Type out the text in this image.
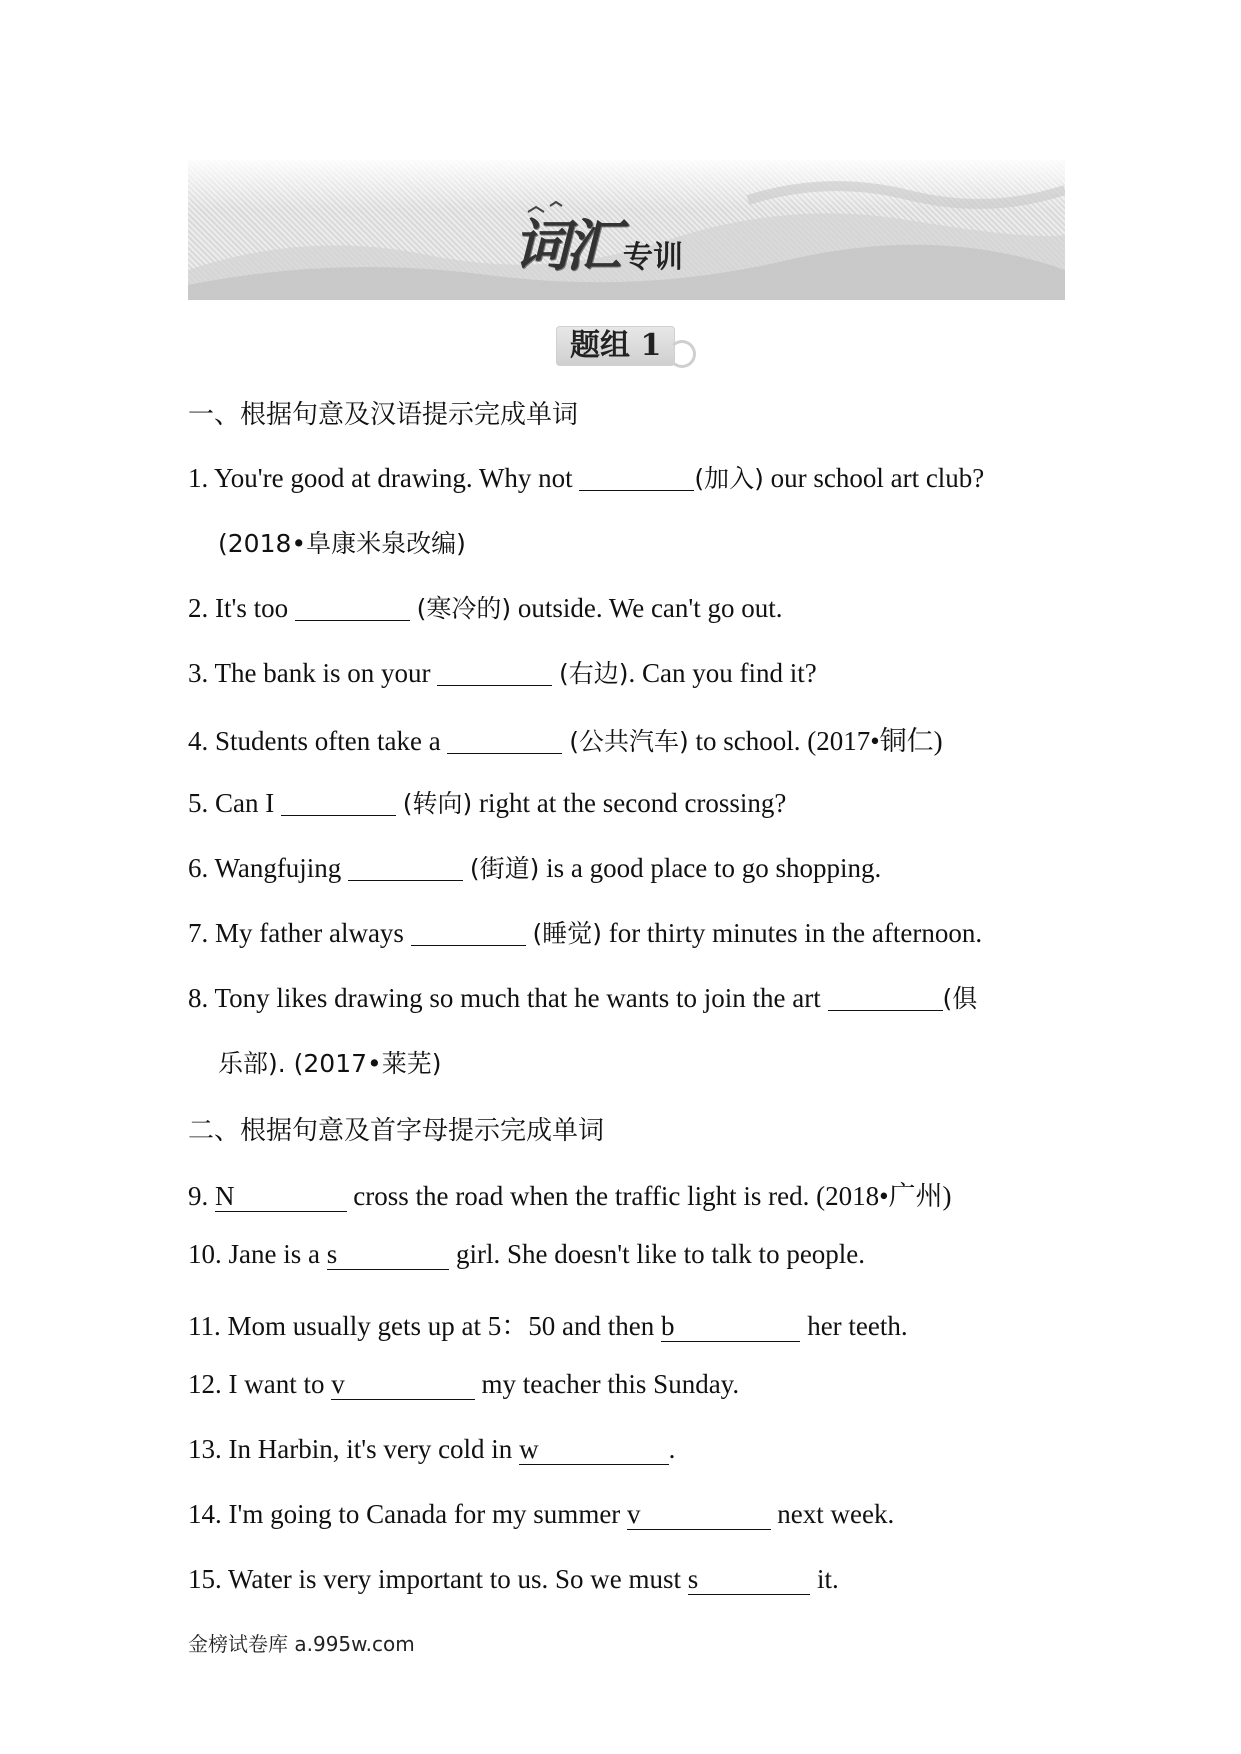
词汇 专训
题组 1
一、根据句意及汉语提示完成单词
1. You're good at drawing. Why not	(加入) our school art club?
(2018•阜康米泉改编)
2. It's too	(寒冷的) outside. We can't go out.
3. The bank is on your	(右边). Can you find it?
4. Students often take a	(公共汽车) to school. (2017•铜仁)
5. Can I	(转向) right at the second crossing?
6. Wangfujing	(街道) is a good place to go shopping.
7. My father always	(睡觉) for thirty minutes in the afternoon.
8. Tony likes drawing so much that he wants to join the art	(俱
乐部). (2017•莱芜)
二、根据句意及首字母提示完成单词
9. N	cross the road when the traffic light is red. (2018•广州)
10. Jane is a s	girl. She doesn't like to talk to people.
11. Mom usually gets up at 5：50 and then b	her teeth.
12. I want to v	my teacher this Sunday.
13. In Harbin, it's very cold in w	.
14. I'm going to Canada for my summer v	next week.
15. Water is very important to us. So we must s	it.
金榜试卷库 a.995w.com
